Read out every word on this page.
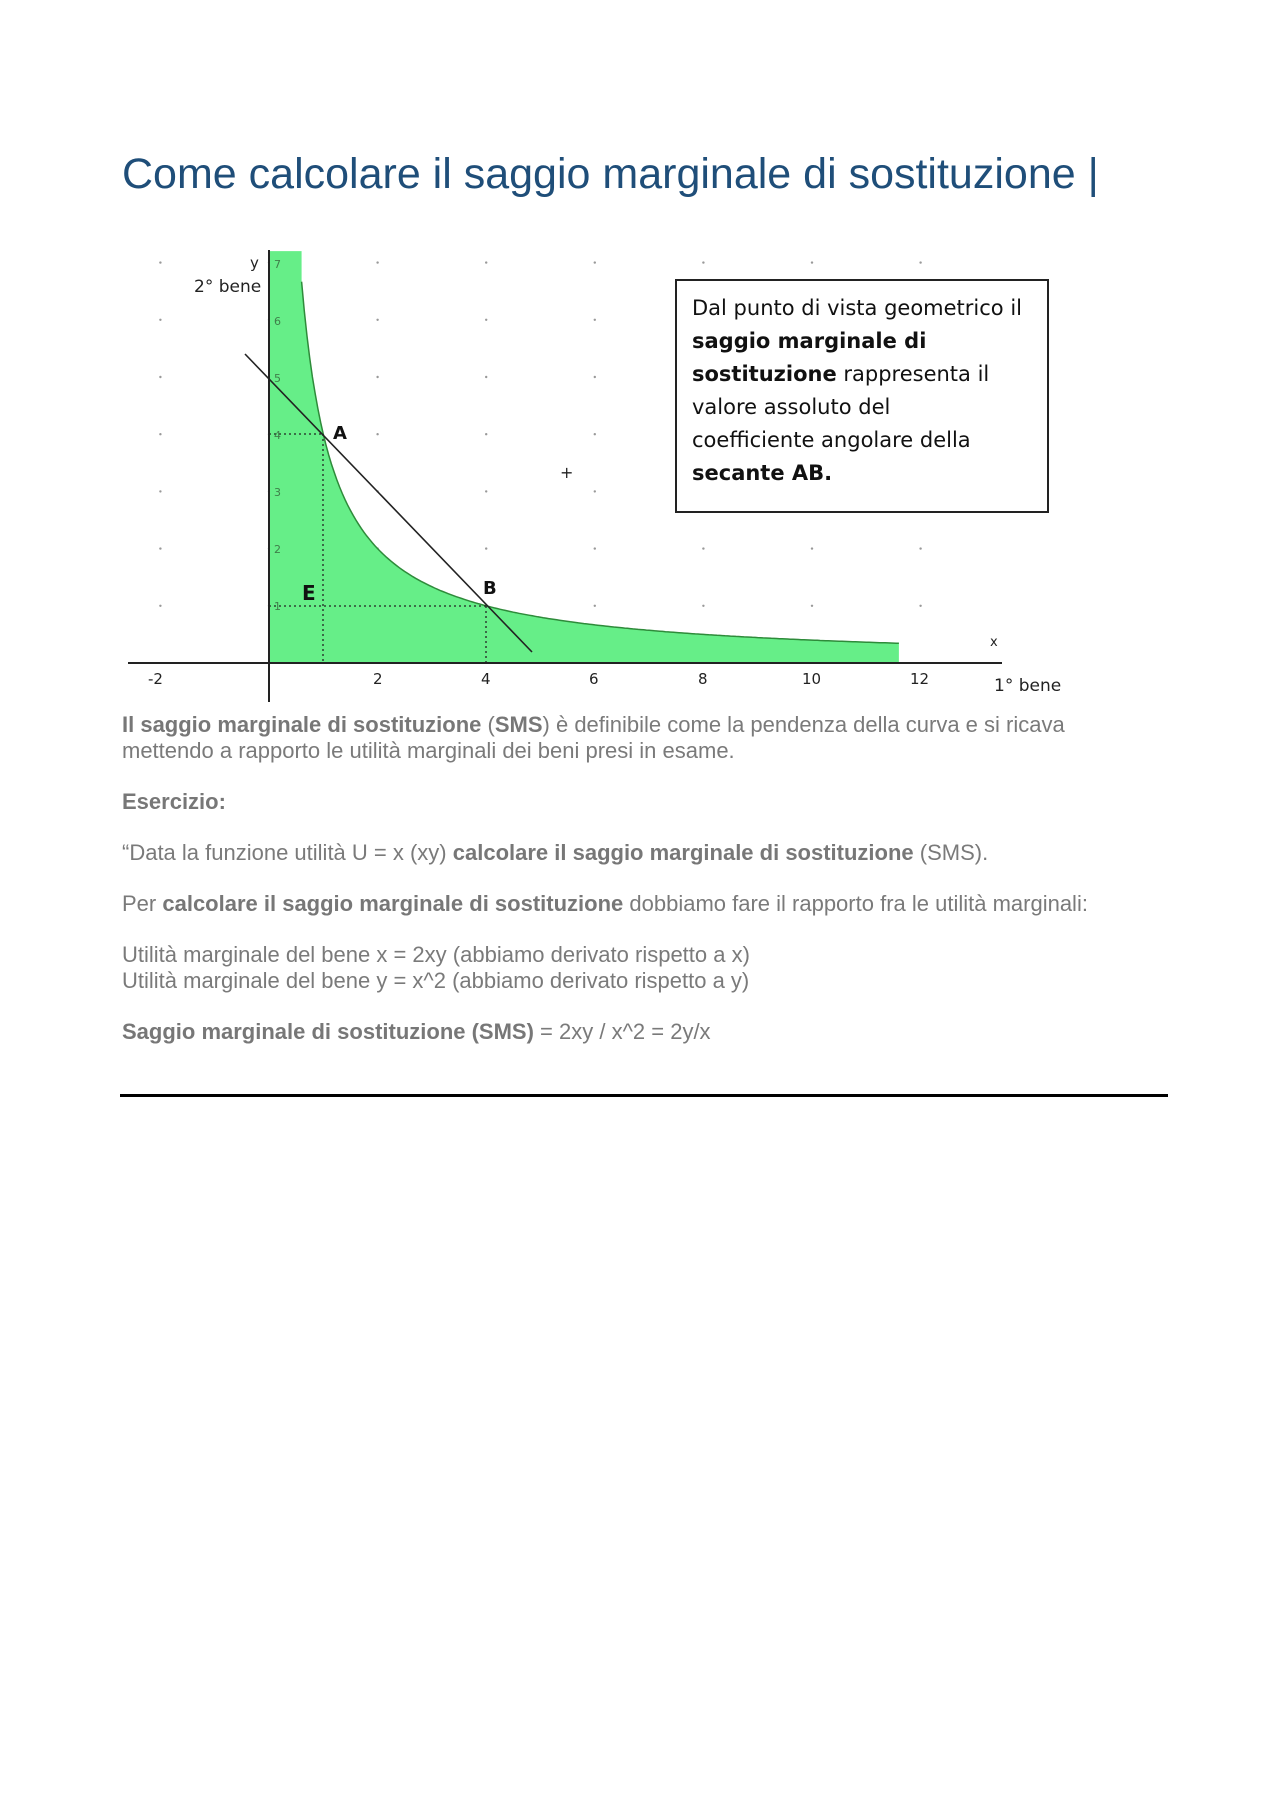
Come calcolare il saggio marginale di sostituzione |
y
2° bene
x
1° bene
-2	2	4	6	8	10	12
1
2
3
4
5
6
7
A
B
E
+
Dal punto di vista geometrico il
saggio marginale di
sostituzione rappresenta il
valore assoluto del
coefficiente angolare della
secante AB.

Il saggio marginale di sostituzione (SMS) è definibile come la pendenza della curva e si ricava mettendo a rapporto le utilità marginali dei beni presi in esame.

Esercizio:

“Data la funzione utilità U = x (xy) calcolare il saggio marginale di sostituzione (SMS).

Per calcolare il saggio marginale di sostituzione dobbiamo fare il rapporto fra le utilità marginali:

Utilità marginale del bene x = 2xy (abbiamo derivato rispetto a x)
Utilità marginale del bene y = x^2 (abbiamo derivato rispetto a y)

Saggio marginale di sostituzione (SMS) = 2xy / x^2 = 2y/x
